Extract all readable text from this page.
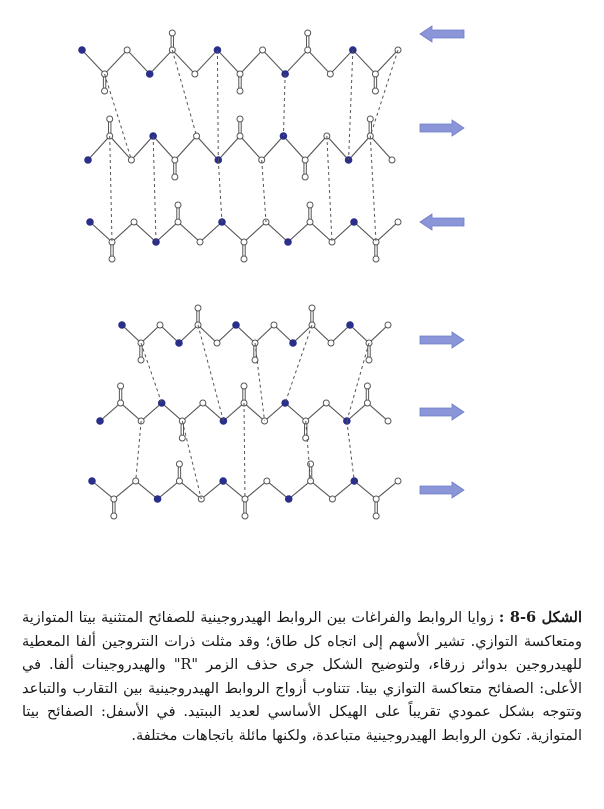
الشكل 6-8 : زوايا الروابط والفراغات بين الروابط الهيدروجينية للصفائح المتثنية بيتا المتوازية ومتعاكسة التوازي. تشير الأسهم إلى اتجاه كل طاق؛ وقد مثلت ذرات النتروجين ألفا المعطية للهيدروجين بدوائر زرقاء، ولتوضيح الشكل جرى حذف الزمر "R" والهيدروجينات ألفا. في الأعلى: الصفائح متعاكسة التوازي بيتا. تتناوب أزواج الروابط الهيدروجينية بين التقارب والتباعد وتتوجه بشكل عمودي تقريباً على الهيكل الأساسي لعديد الببتيد. في الأسفل: الصفائح بيتا المتوازية. تكون الروابط الهيدروجينية متباعدة، ولكنها مائلة باتجاهات مختلفة.
